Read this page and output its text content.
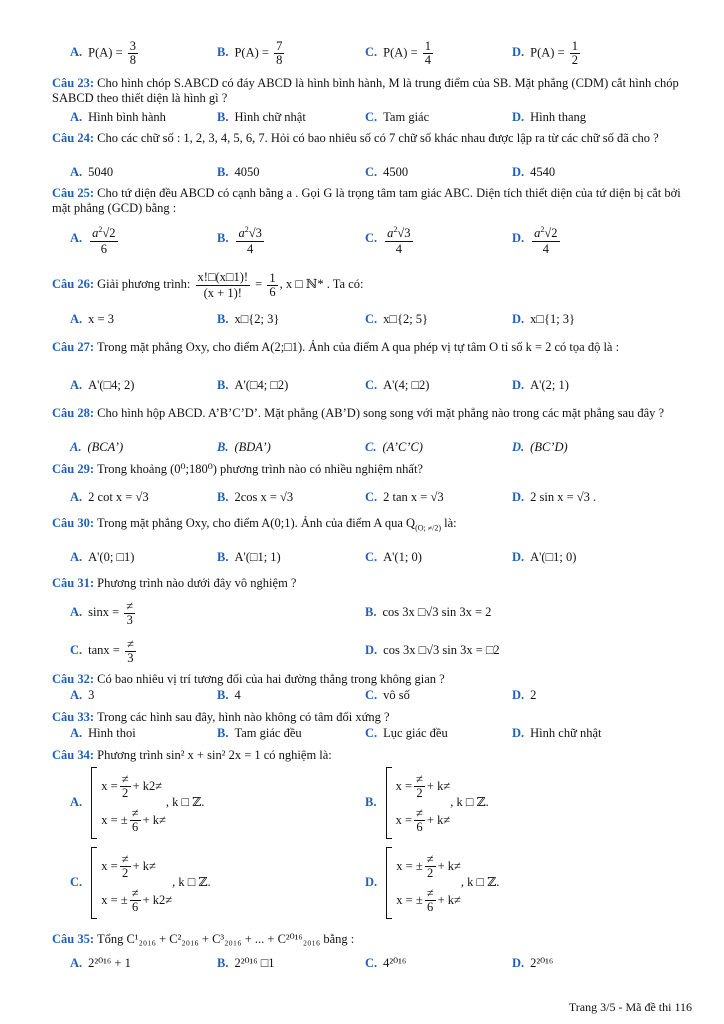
A. $P(A) = \frac{3}{8}$	B. $P(A) = \frac{7}{8}$	C. $P(A) = \frac{1}{4}$	D. $P(A) = \frac{1}{2}$
Câu 23: Cho hình chóp S.ABCD có đáy ABCD là hình bình hành, M là trung điểm của SB. Mặt phẳng (CDM) cắt hình chóp SABCD theo thiết diện là hình gì ?
A. Hình bình hành	B. Hình chữ nhật	C. Tam giác	D. Hình thang
Câu 24: Cho các chữ số : 1, 2, 3, 4, 5, 6, 7. Hỏi có bao nhiêu số có 7 chữ số khác nhau được lập ra từ các chữ số đã cho ?
A. 5040	B. 4050	C. 4500	D. 4540
Câu 25: Cho tứ diện đều ABCD có cạnh bằng a . Gọi G là trọng tâm tam giác ABC. Diện tích thiết diện của tứ diện bị cắt bởi mặt phẳng (GCD) bằng :
A. $\frac{a^2√2}{6}$	B. $\frac{a^2√3}{4}$	C. $\frac{a^2√3}{4}$	D. $\frac{a^2√2}{4}$
Câu 26: Giải phương trình: $\frac{x!□(x□1)!}{(x + 1)!} = \frac{1}{6}$ , x □ ℕ* . Ta có:
A. x = 3	B. x□{2; 3}	C. x□{2; 5}	D. x□{1; 3}
Câu 27: Trong mặt phẳng Oxy, cho điểm A(2;□1). Ảnh của điểm A qua phép vị tự tâm O tỉ số k = 2 có tọa độ là :
A. A'(□4; 2)	B. A'(□4; □2)	C. A'(4; □2)	D. A'(2; 1)
Câu 28: Cho hình hộp ABCD. A’B’C’D’. Mặt phẳng (AB’D) song song với mặt phẳng nào trong các mặt phẳng sau đây ?
A. (BCA’)	B. (BDA’)	C. (A’C’C)	D. (BC’D)
Câu 29: Trong khoảng (0⁰;180⁰) phương trình nào có nhiều nghiệm nhất?
A. 2 cot x = √3	B. 2cos x = √3	C. 2 tan x = √3	D. 2 sin x = √3 .
Câu 30: Trong mặt phẳng Oxy, cho điểm A(0;1). Ảnh của điểm A qua $Q_{(O; \ne/2)}$ là:
A. A'(0; □1)	B. A'(□1; 1)	C. A'(1; 0)	D. A'(□1; 0)
Câu 31: Phương trình nào dưới đây vô nghiệm ?
A. $\sin x = \frac{\ne}{3}$	B. cos 3x □√3 sin 3x = 2
C. $\tan x = \frac{\ne}{3}$	D. cos 3x □√3 sin 3x = □2
Câu 32: Có bao nhiêu vị trí tương đối của hai đường thẳng trong không gian ?
A. 3	B. 4	C. vô số	D. 2
Câu 33: Trong các hình sau đây, hình nào không có tâm đối xứng ?
A. Hình thoi	B. Tam giác đều	C. Lục giác đều	D. Hình chữ nhật
Câu 34: Phương trình sin² x + sin² 2x = 1 có nghiệm là:
A.
$x = \frac{\ne}{2} + k2\ne$
x = ± $\frac{\ne}{6} + k\ne$
, k □ ℤ.	B.
$x = \frac{\ne}{2} + k\ne$
$x = \frac{\ne}{6} + k\ne$
, k □ ℤ.
C.
$x = \frac{\ne}{2} + k\ne$
x = ± $\frac{\ne}{6} + k2\ne$
, k □ ℤ.	D.
x = ± $\frac{\ne}{2} + k\ne$
x = ± $\frac{\ne}{6} + k\ne$
, k □ ℤ.
Câu 35: Tổng C¹₂₀₁₆ + C²₂₀₁₆ + C³₂₀₁₆ + ... + C²⁰¹⁶₂₀₁₆ bằng :
A. 2²⁰¹⁶ + 1	B. 2²⁰¹⁶ □1	C. 4²⁰¹⁶	D. 2²⁰¹⁶
Trang 3/5 - Mã đề thi 116
